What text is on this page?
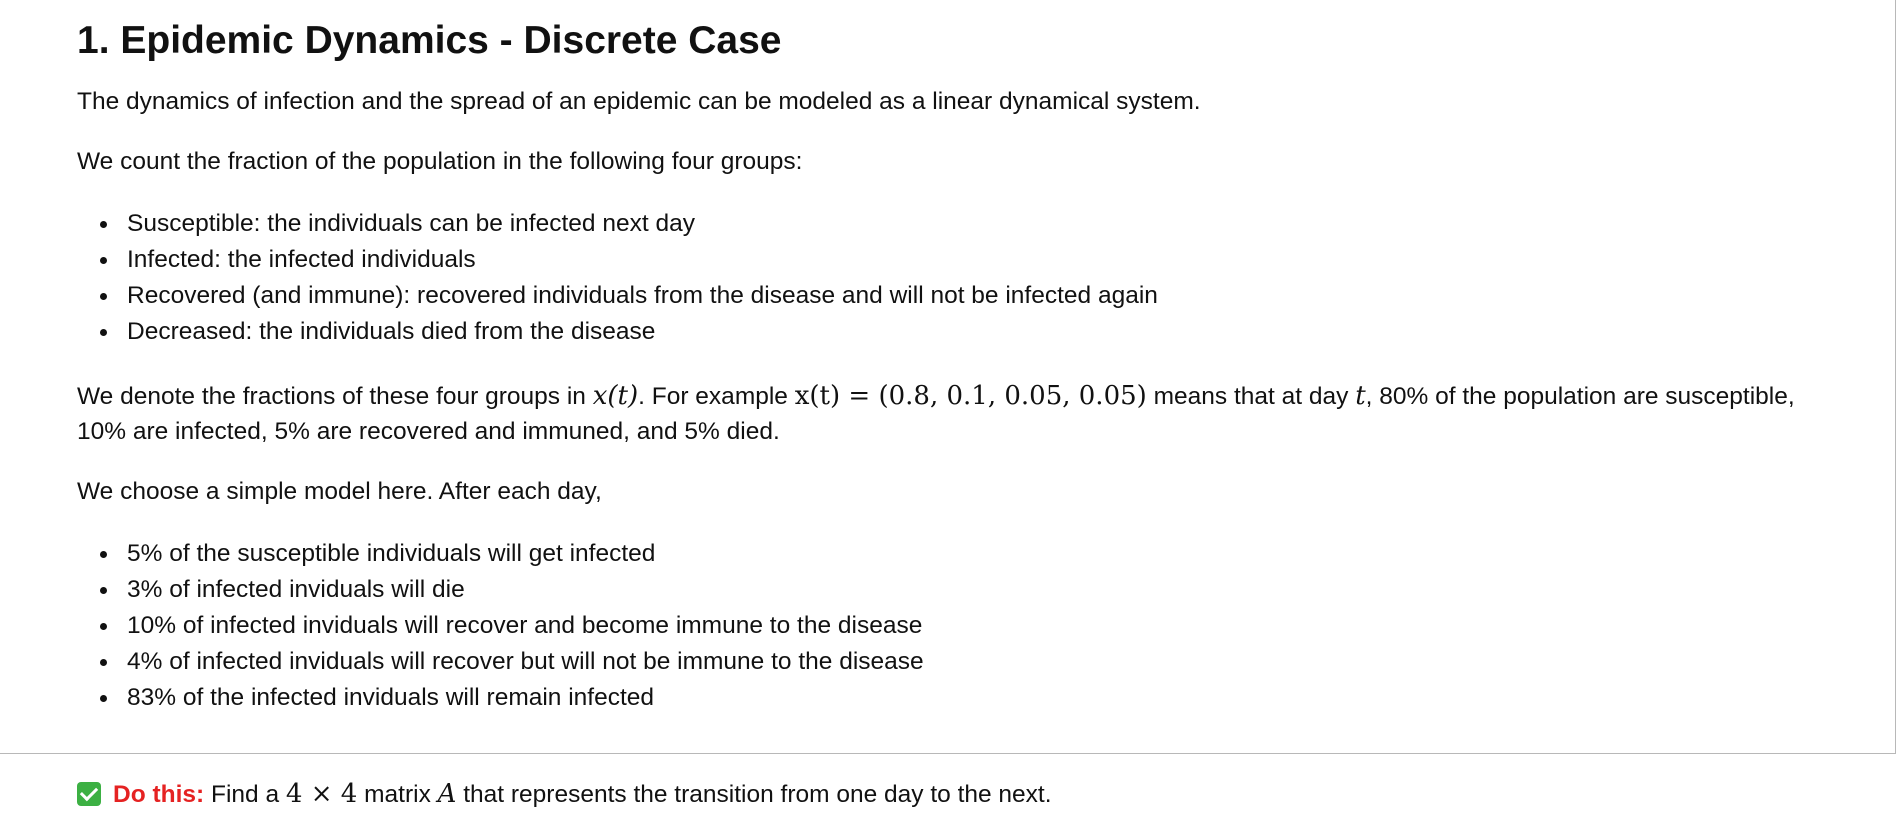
1. Epidemic Dynamics - Discrete Case
The dynamics of infection and the spread of an epidemic can be modeled as a linear dynamical system.
We count the fraction of the population in the following four groups:
Susceptible: the individuals can be infected next day
Infected: the infected individuals
Recovered (and immune): recovered individuals from the disease and will not be infected again
Decreased: the individuals died from the disease
We denote the fractions of these four groups in x(t). For example x(t) = (0.8, 0.1, 0.05, 0.05) means that at day t, 80% of the population are susceptible,
10% are infected, 5% are recovered and immuned, and 5% died.
We choose a simple model here. After each day,
5% of the susceptible individuals will get infected
3% of infected inviduals will die
10% of infected inviduals will recover and become immune to the disease
4% of infected inviduals will recover but will not be immune to the disease
83% of the infected inviduals will remain infected
Do this: Find a 4 × 4 matrix A that represents the transition from one day to the next.
